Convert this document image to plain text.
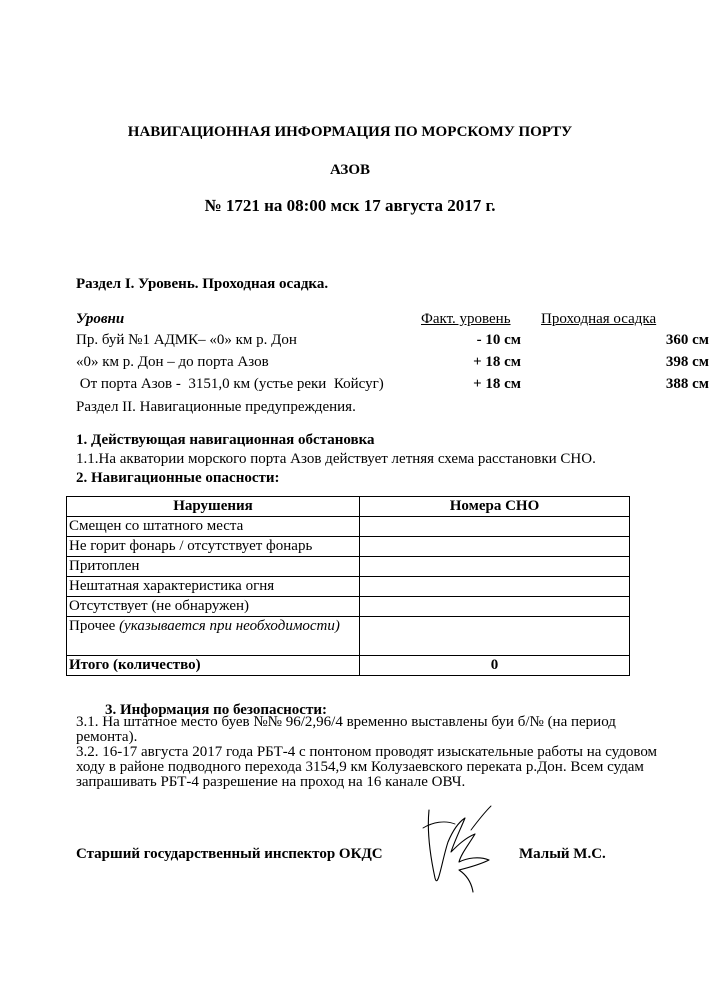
НАВИГАЦИОННАЯ ИНФОРМАЦИЯ ПО МОРСКОМУ ПОРТУ
АЗОВ
№ 1721 на 08:00 мск 17 августа 2017 г.
Раздел I. Уровень. Проходная осадка.
Уровни	Факт. уровень	Проходная осадка
Пр. буй №1 АДМК– «0» км р. Дон	- 10 см	360 см
«0» км р. Дон – до порта Азов	+ 18 см	398 см
От порта Азов -  3151,0 км (устье реки  Койсуг)	+ 18 см	388 см
Раздел II. Навигационные предупреждения.
1. Действующая навигационная обстановка
1.1.На акватории морского порта Азов действует летняя схема расстановки СНО.
2. Навигационные опасности:
Нарушения	Номера СНО
Смещен со штатного места	
Не горит фонарь / отсутствует фонарь	
Притоплен	
Нештатная характеристика огня	
Отсутствует (не обнаружен)	
Прочее (указывается при необходимости)	
Итого (количество)	0
3. Информация по безопасности:
3.1. На штатное место буев №№ 96/2,96/4 временно выставлены буи б/№ (на период ремонта).
3.2. 16-17 августа 2017 года РБТ-4 с понтоном проводят изыскательные работы на судовом ходу в районе подводного перехода 3154,9 км Колузаевского переката р.Дон. Всем судам запрашивать РБТ-4 разрешение на проход на 16 канале ОВЧ.
Старший государственный инспектор ОКДС	Малый М.С.
